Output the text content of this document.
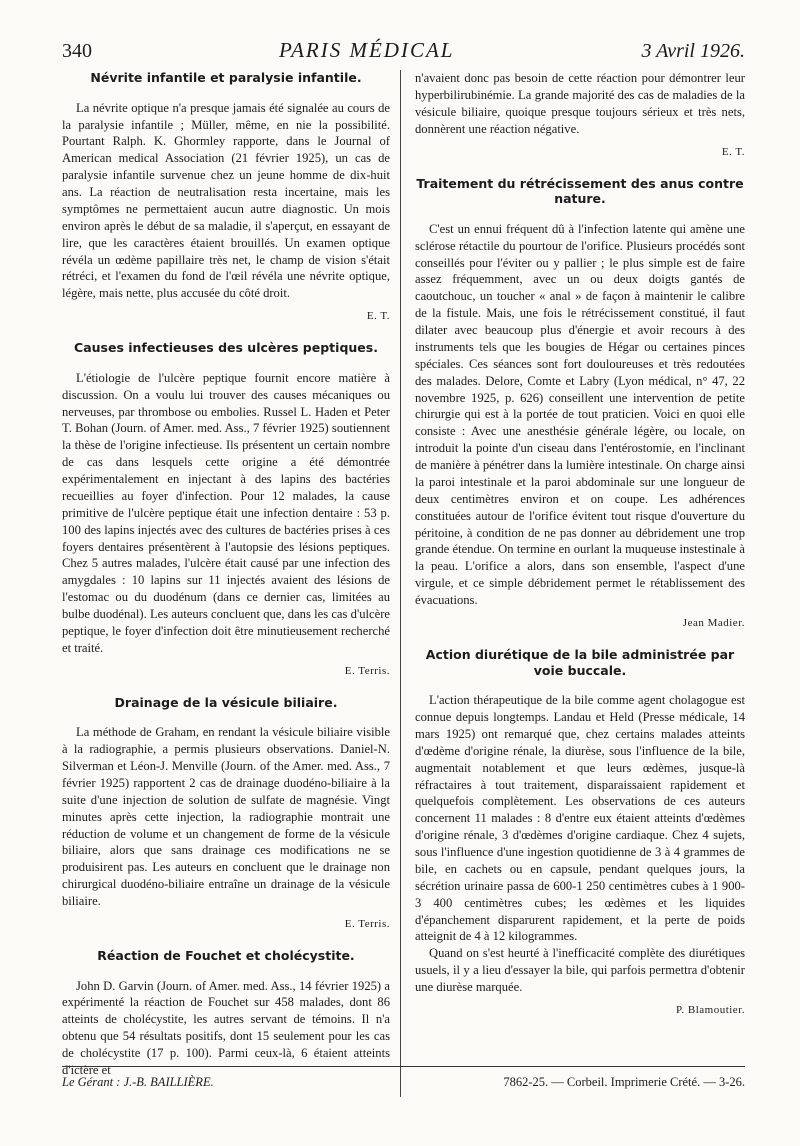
340	PARIS MÉDICAL	3 Avril 1926.
Névrite infantile et paralysie infantile.

La névrite optique n'a presque jamais été signalée au cours de la paralysie infantile ; Müller, même, en nie la possibilité. Pourtant Ralph. K. Ghormley rapporte, dans le Journal of American medical Association (21 février 1925), un cas de paralysie infantile survenue chez un jeune homme de dix-huit ans. La réaction de neutralisation resta incertaine, mais les symptômes ne permettaient aucun autre diagnostic. Un mois environ après le début de sa maladie, il s'aperçut, en essayant de lire, que les caractères étaient brouillés. Un examen optique révéla un œdème papillaire très net, le champ de vision s'était rétréci, et l'examen du fond de l'œil révéla une névrite optique, légère, mais nette, plus accusée du côté droit.

E. T.
Causes infectieuses des ulcères peptiques.

L'étiologie de l'ulcère peptique fournit encore matière à discussion. On a voulu lui trouver des causes mécaniques ou nerveuses, par thrombose ou embolies. Russel L. Haden et Peter T. Bohan (Journ. of Amer. med. Ass., 7 février 1925) soutiennent la thèse de l'origine infectieuse. Ils présentent un certain nombre de cas dans lesquels cette origine a été démontrée expérimentalement en injectant à des lapins des bactéries recueillies au foyer d'infection. Pour 12 malades, la cause primitive de l'ulcère peptique était une infection dentaire : 53 p. 100 des lapins injectés avec des cultures de bactéries prises à ces foyers dentaires présentèrent à l'autopsie des lésions peptiques. Chez 5 autres malades, l'ulcère était causé par une infection des amygdales : 10 lapins sur 11 injectés avaient des lésions de l'estomac ou du duodénum (dans ce dernier cas, limitées au bulbe duodénal). Les auteurs concluent que, dans les cas d'ulcère peptique, le foyer d'infection doit être minutieusement recherché et traité.

E. Terris.
Drainage de la vésicule biliaire.

La méthode de Graham, en rendant la vésicule biliaire visible à la radiographie, a permis plusieurs observations. Daniel-N. Silverman et Léon-J. Menville (Journ. of the Amer. med. Ass., 7 février 1925) rapportent 2 cas de drainage duodéno-biliaire à la suite d'une injection de solution de sulfate de magnésie. Vingt minutes après cette injection, la radiographie montrait une réduction de volume et un changement de forme de la vésicule biliaire, alors que sans drainage ces modifications ne se produisirent pas. Les auteurs en concluent que le drainage non chirurgical duodéno-biliaire entraîne un drainage de la vésicule biliaire.

E. Terris.
Réaction de Fouchet et cholécystite.

John D. Garvin (Journ. of Amer. med. Ass., 14 février 1925) a expérimenté la réaction de Fouchet sur 458 malades, dont 86 atteints de cholécystite, les autres servant de témoins. Il n'a obtenu que 54 résultats positifs, dont 15 seulement pour les cas de cholécystite (17 p. 100). Parmi ceux-là, 6 étaient atteints d'ictère et

n'avaient donc pas besoin de cette réaction pour démontrer leur hyperbilirubinémie. La grande majorité des cas de maladies de la vésicule biliaire, quoique presque toujours sérieux et très nets, donnèrent une réaction négative.

E. T.
Traitement du rétrécissement des anus contre nature.

C'est un ennui fréquent dû à l'infection latente qui amène une sclérose rétactile du pourtour de l'orifice. Plusieurs procédés sont conseillés pour l'éviter ou y pallier ; le plus simple est de faire assez fréquemment, avec un ou deux doigts gantés de caoutchouc, un toucher « anal » de façon à maintenir le calibre de la fistule. Mais, une fois le rétrécissement constitué, il faut dilater avec beaucoup plus d'énergie et avoir recours à des instruments tels que les bougies de Hégar ou certaines pinces spéciales. Ces séances sont fort douloureuses et très redoutées des malades. Delore, Comte et Labry (Lyon médical, n° 47, 22 novembre 1925, p. 626) conseillent une intervention de petite chirurgie qui est à la portée de tout praticien. Voici en quoi elle consiste : Avec une anesthésie générale légère, ou locale, on introduit la pointe d'un ciseau dans l'entérostomie, en l'inclinant de manière à pénétrer dans la lumière intestinale. On charge ainsi la paroi intestinale et la paroi abdominale sur une longueur de deux centimètres environ et on coupe. Les adhérences constituées autour de l'orifice évitent tout risque d'ouverture du péritoine, à condition de ne pas donner au débridement une trop grande étendue. On termine en ourlant la muqueuse instestinale à la peau. L'orifice a alors, dans son ensemble, l'aspect d'une virgule, et ce simple débridement permet le rétablissement des évacuations.

Jean Madier.
Action diurétique de la bile administrée par voie buccale.

L'action thérapeutique de la bile comme agent cholagogue est connue depuis longtemps. Landau et Held (Presse médicale, 14 mars 1925) ont remarqué que, chez certains malades atteints d'œdème d'origine rénale, la diurèse, sous l'influence de la bile, augmentait notablement et que leurs œdèmes, jusque-là réfractaires à tout traitement, disparaissaient rapidement et quelquefois complètement. Les observations de ces auteurs concernent 11 malades : 8 d'entre eux étaient atteints d'œdèmes d'origine rénale, 3 d'œdèmes d'origine cardiaque. Chez 4 sujets, sous l'influence d'une ingestion quotidienne de 3 à 4 grammes de bile, en cachets ou en capsule, pendant quelques jours, la sécrétion urinaire passa de 600-1 250 centimètres cubes à 1 900-3 400 centimètres cubes; les œdèmes et les liquides d'épanchement disparurent rapidement, et la perte de poids atteignit de 4 à 12 kilogrammes.

Quand on s'est heurté à l'inefficacité complète des diurétiques usuels, il y a lieu d'essayer la bile, qui parfois permettra d'obtenir une diurèse marquée.

P. Blamoutier.
Le Gérant : J.-B. BAILLIÈRE.	7862-25. — Corbeil. Imprimerie Crété. — 3-26.
